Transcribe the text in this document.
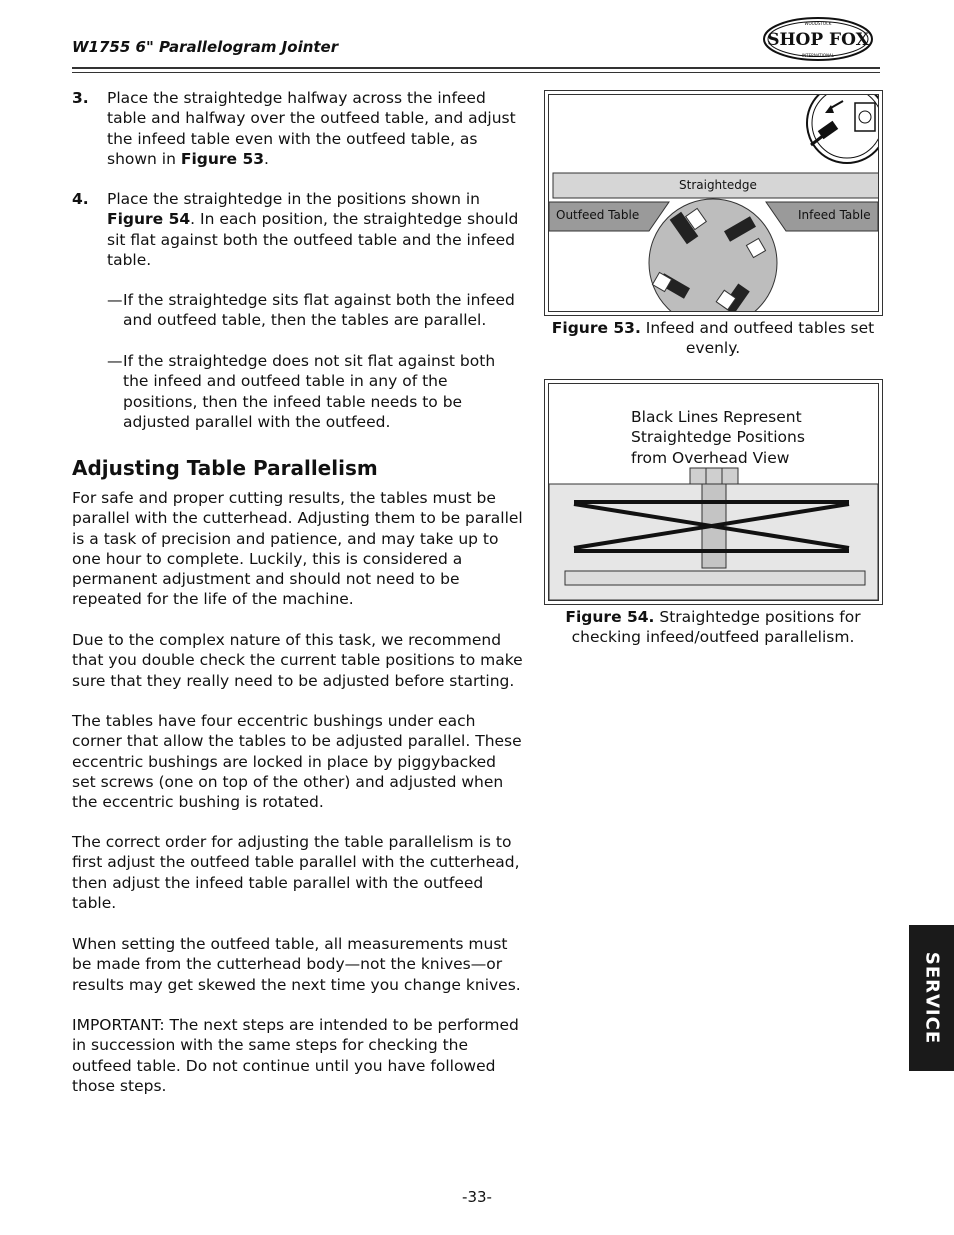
W1755 6" Parallelogram Jointer	SHOP FOX
WOODSTOCK
INTERNATIONAL
3. Place the straightedge halfway across the infeed table and halfway over the outfeed table, and adjust the infeed table even with the outfeed table, as shown in Figure 53.
4. Place the straightedge in the positions shown in Figure 54. In each position, the straightedge should sit flat against both the outfeed table and the infeed table.
— If the straightedge sits flat against both the infeed and outfeed table, then the tables are parallel.
— If the straightedge does not sit flat against both the infeed and outfeed table in any of the positions, then the infeed table needs to be adjusted parallel with the outfeed.
Adjusting Table Parallelism

For safe and proper cutting results, the tables must be parallel with the cutterhead. Adjusting them to be parallel is a task of precision and patience, and may take up to one hour to complete. Luckily, this is considered a permanent adjustment and should not need to be repeated for the life of the machine.

Due to the complex nature of this task, we recommend that you double check the current table positions to make sure that they really need to be adjusted before starting.

The tables have four eccentric bushings under each corner that allow the tables to be adjusted parallel. These eccentric bushings are locked in place by piggybacked set screws (one on top of the other) and adjusted when the eccentric bushing is rotated.

The correct order for adjusting the table parallelism is to first adjust the outfeed table parallel with the cutterhead, then adjust the infeed table parallel with the outfeed table.

When setting the outfeed table, all measurements must be made from the cutterhead body—not the knives—or results may get skewed the next time you change knives.

IMPORTANT: The next steps are intended to be performed in succession with the same steps for checking the outfeed table. Do not continue until you have followed those steps.

Straightedge
Outfeed Table	Infeed Table
Figure 53. Infeed and outfeed tables set evenly.
Black Lines Represent
Straightedge Positions
from Overhead View
Figure 54. Straightedge positions for checking infeed/outfeed parallelism.
SERVICE
-33-
